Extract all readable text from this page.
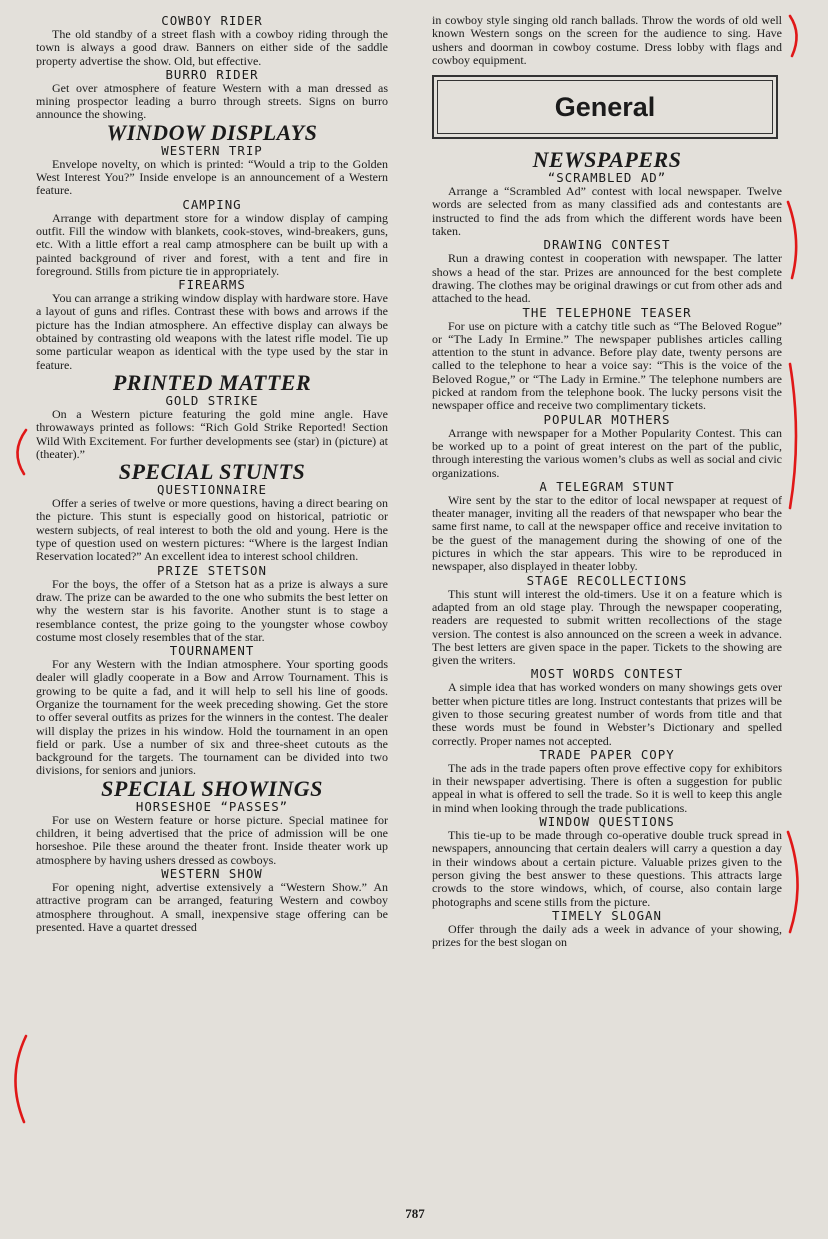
COWBOY RIDER

The old standby of a street flash with a cowboy riding through the town is always a good draw. Banners on either side of the saddle property advertise the show. Old, but effective.

BURRO RIDER

Get over atmosphere of feature Western with a man dressed as mining prospector leading a burro through streets. Signs on burro announce the showing.

WINDOW DISPLAYS
WESTERN TRIP

Envelope novelty, on which is printed: “Would a trip to the Golden West Interest You?” Inside envelope is an announcement of a Western feature.

CAMPING

Arrange with department store for a window display of camping outfit. Fill the window with blankets, cook-stoves, wind-breakers, guns, etc. With a little effort a real camp atmosphere can be built up with a painted background of river and forest, with a tent and fire in foreground. Stills from picture tie in appropriately.

FIREARMS

You can arrange a striking window display with hardware store. Have a layout of guns and rifles. Contrast these with bows and arrows if the picture has the Indian atmosphere. An effective display can always be obtained by contrasting old weapons with the latest rifle model. Tie up some particular weapon as identical with the type used by the star in feature.

PRINTED MATTER
GOLD STRIKE

On a Western picture featuring the gold mine angle. Have throwaways printed as follows: “Rich Gold Strike Reported! Section Wild With Excitement. For further developments see (star) in (picture) at (theater).”

SPECIAL STUNTS
QUESTIONNAIRE

Offer a series of twelve or more questions, having a direct bearing on the picture. This stunt is especially good on historical, patriotic or western subjects, of real interest to both the old and young. Here is the type of question used on western pictures: “Where is the largest Indian Reservation located?” An excellent idea to interest school children.

PRIZE STETSON

For the boys, the offer of a Stetson hat as a prize is always a sure draw. The prize can be awarded to the one who submits the best letter on why the western star is his favorite. Another stunt is to stage a resemblance contest, the prize going to the youngster whose cowboy costume most closely resembles that of the star.

TOURNAMENT

For any Western with the Indian atmosphere. Your sporting goods dealer will gladly cooperate in a Bow and Arrow Tournament. This is growing to be quite a fad, and it will help to sell his line of goods. Organize the tournament for the week preceding showing. Get the store to offer several outfits as prizes for the winners in the contest. The dealer will display the prizes in his window. Hold the tournament in an open field or park. Use a number of six and three-sheet cutouts as the background for the targets. The tournament can be divided into two divisions, for seniors and juniors.

SPECIAL SHOWINGS
HORSESHOE “PASSES”

For use on Western feature or horse picture. Special matinee for children, it being advertised that the price of admission will be one horseshoe. Pile these around the theater front. Inside theater work up atmosphere by having ushers dressed as cowboys.

WESTERN SHOW

For opening night, advertise extensively a “Western Show.” An attractive program can be arranged, featuring Western and cowboy atmosphere throughout. A small, inexpensive stage offering can be presented. Have a quartet dressed

in cowboy style singing old ranch ballads. Throw the words of old well known Western songs on the screen for the audience to sing. Have ushers and doorman in cowboy costume. Dress lobby with flags and cowboy equipment.

General
NEWSPAPERS
“SCRAMBLED AD”

Arrange a “Scrambled Ad” contest with local newspaper. Twelve words are selected from as many classified ads and contestants are instructed to find the ads from which the different words have been taken.

DRAWING CONTEST

Run a drawing contest in cooperation with newspaper. The latter shows a head of the star. Prizes are announced for the best complete drawing. The clothes may be original drawings or cut from other ads and attached to the head.

THE TELEPHONE TEASER

For use on picture with a catchy title such as “The Beloved Rogue” or “The Lady In Ermine.” The newspaper publishes articles calling attention to the stunt in advance. Before play date, twenty persons are called to the telephone to hear a voice say: “This is the voice of the Beloved Rogue,” or “The Lady in Ermine.” The telephone numbers are picked at random from the telephone book. The lucky persons visit the newspaper office and receive two complimentary tickets.

POPULAR MOTHERS

Arrange with newspaper for a Mother Popularity Contest. This can be worked up to a point of great interest on the part of the public, through interesting the various women’s clubs as well as social and civic organizations.

A TELEGRAM STUNT

Wire sent by the star to the editor of local newspaper at request of theater manager, inviting all the readers of that newspaper who bear the same first name, to call at the newspaper office and receive invitation to be the guest of the management during the showing of one of the pictures in which the star appears. This wire to be reproduced in newspaper, also displayed in theater lobby.

STAGE RECOLLECTIONS

This stunt will interest the old-timers. Use it on a feature which is adapted from an old stage play. Through the newspaper cooperating, readers are requested to submit written recollections of the stage version. The contest is also announced on the screen a week in advance. The best letters are given space in the paper. Tickets to the showing are given the writers.

MOST WORDS CONTEST

A simple idea that has worked wonders on many showings gets over better when picture titles are long. Instruct contestants that prizes will be given to those securing greatest number of words from title and that these words must be found in Webster’s Dictionary and spelled correctly. Proper names not accepted.

TRADE PAPER COPY

The ads in the trade papers often prove effective copy for exhibitors in their newspaper advertising. There is often a suggestion for public appeal in what is offered to sell the trade. So it is well to keep this angle in mind when looking through the trade publications.

WINDOW QUESTIONS

This tie-up to be made through co-operative double truck spread in newspapers, announcing that certain dealers will carry a question a day in their windows about a certain picture. Valuable prizes given to the person giving the best answer to these questions. This attracts large crowds to the store windows, which, of course, also contain large photographs and scene stills from the picture.

TIMELY SLOGAN

Offer through the daily ads a week in advance of your showing, prizes for the best slogan on

787
